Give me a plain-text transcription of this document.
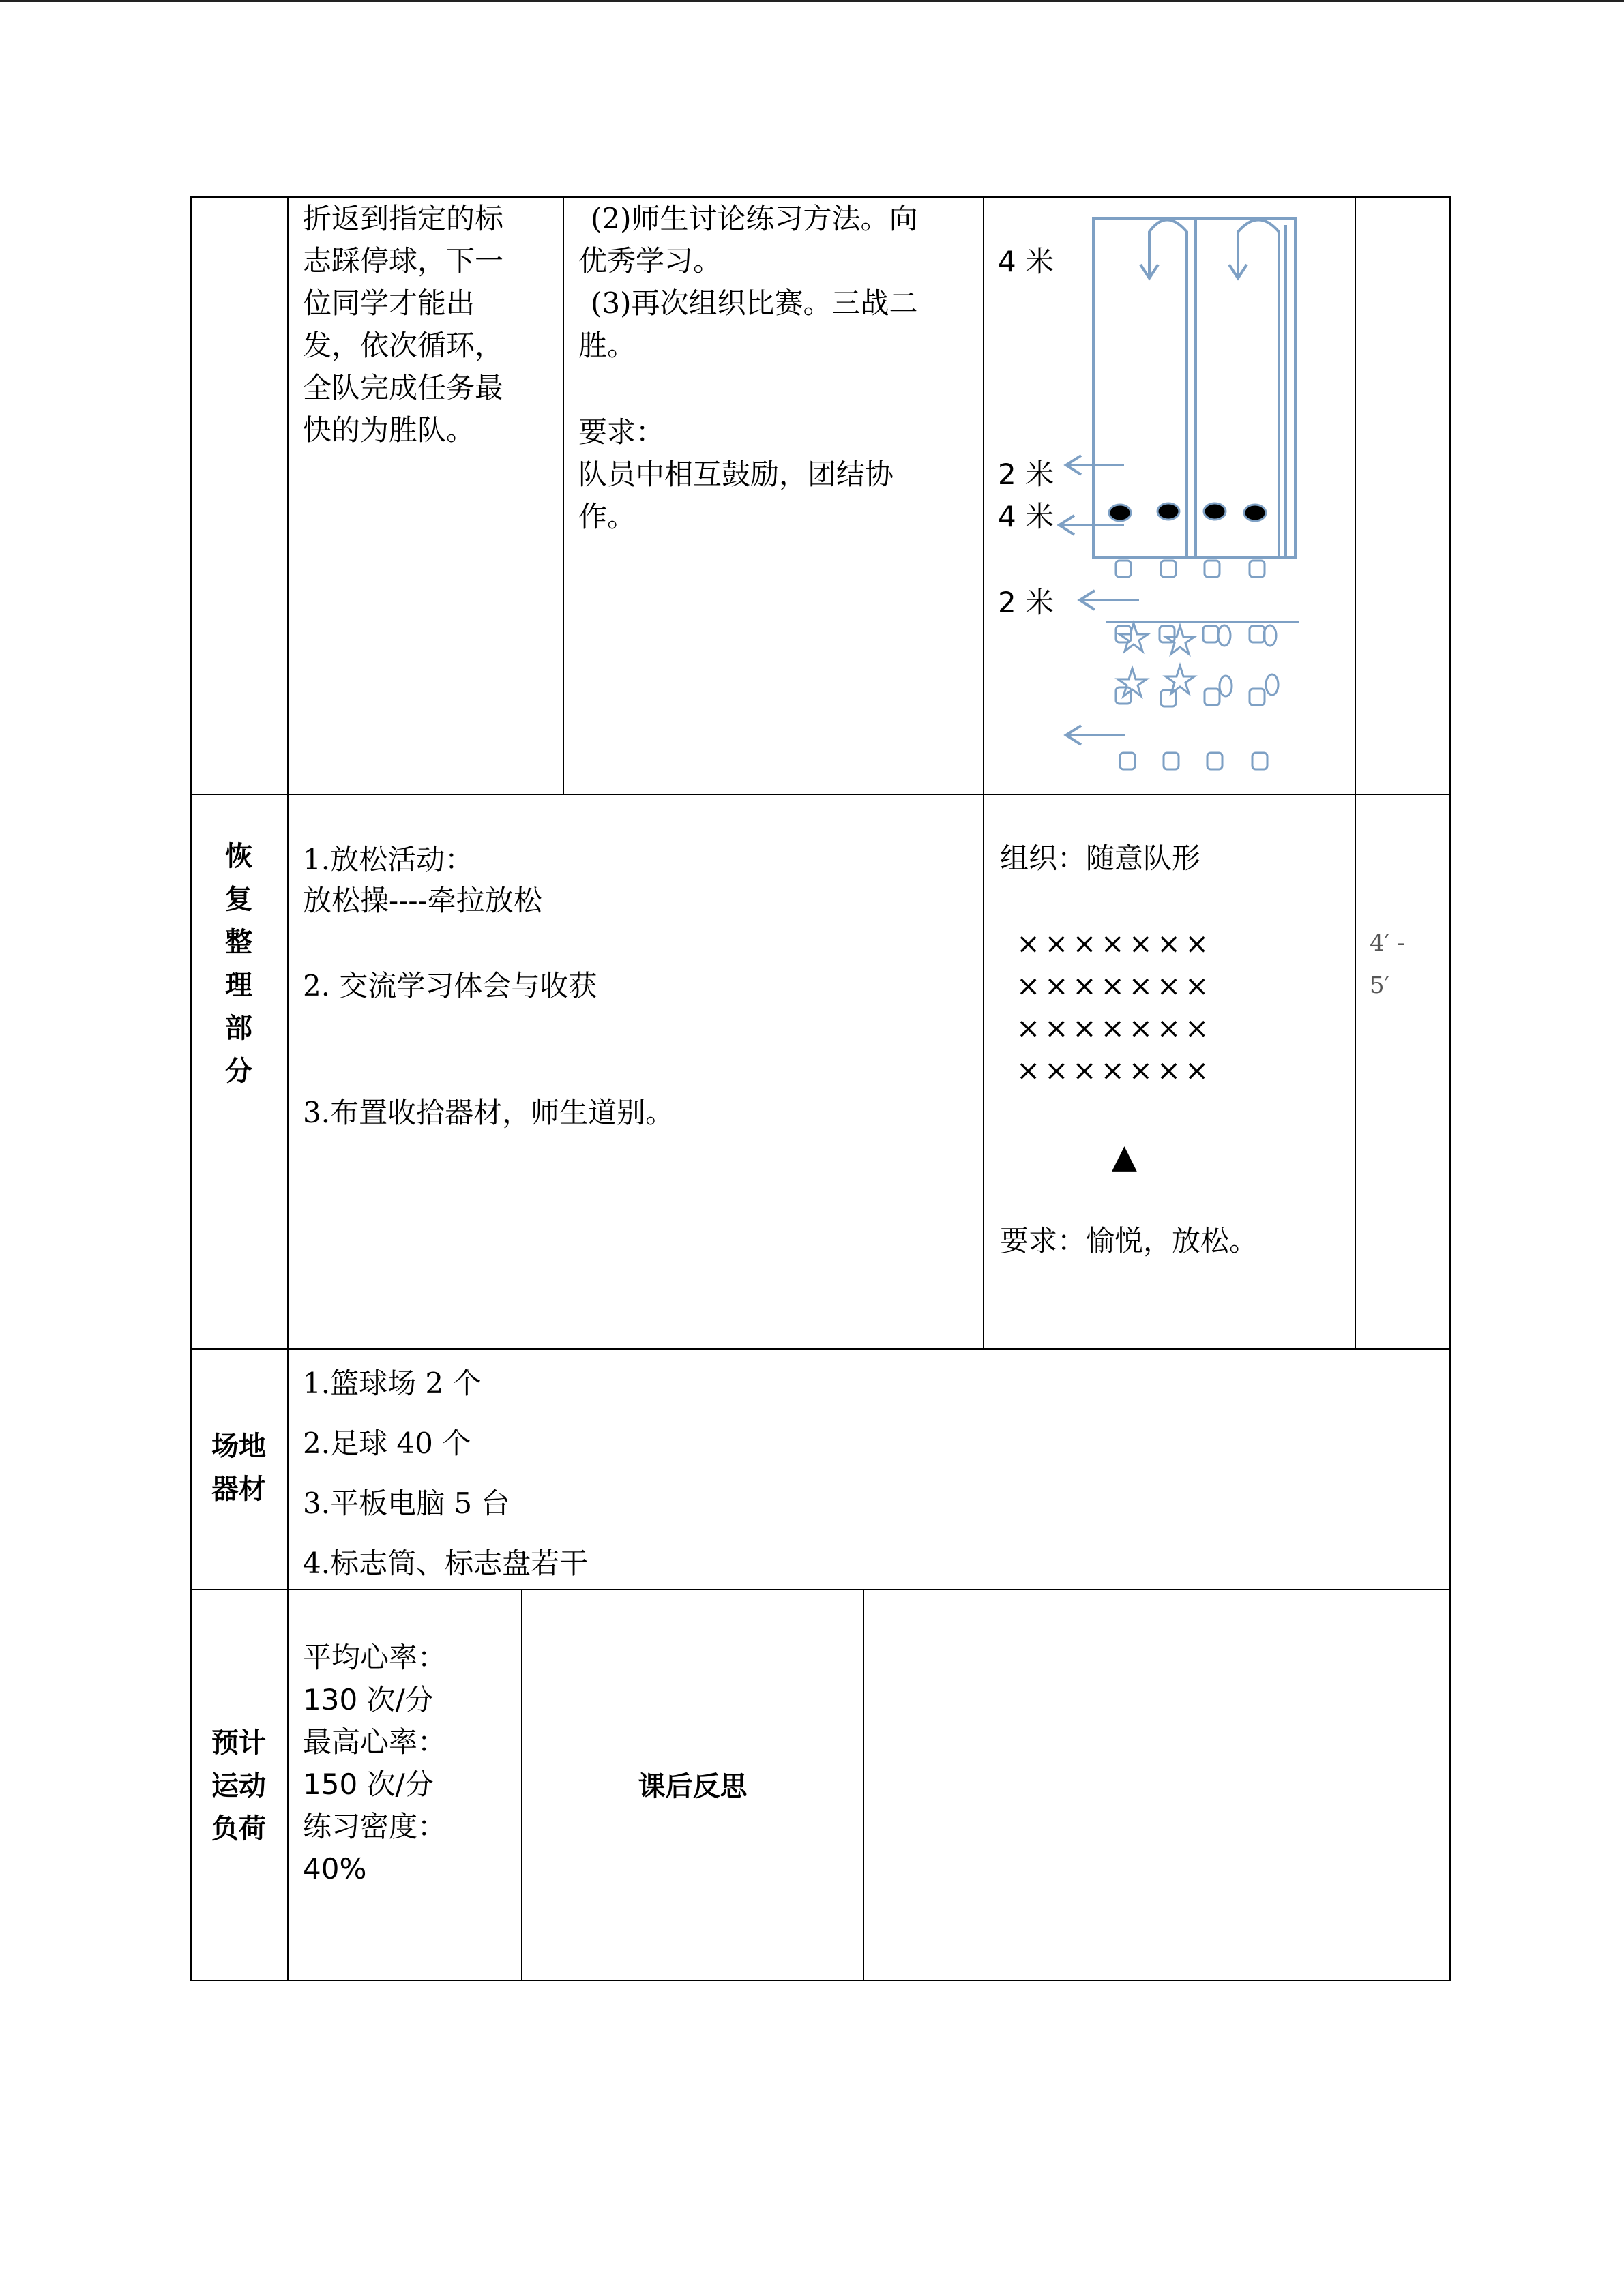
折返到指定的标
志踩停球，下一
位同学才能出
发，依次循环，
全队完成任务最
快的为胜队。
(2)师生讨论练习方法。向
优秀学习。
(3)再次组织比赛。三战二
胜。
要求：
队员中相互鼓励，团结协
作。
4 米
2 米
4 米
2 米
恢
复
整
理
部
分
1.放松活动：
放松操----牵拉放松
2. 交流学习体会与收获
3.布置收拾器材，师生道别。
组织：随意队形
×××××××
×××××××
×××××××
×××××××
▲
要求：愉悦，放松。
4′ -
5′
场地
器材
1.篮球场 2 个
2.足球 40 个
3.平板电脑 5 台
4.标志筒、标志盘若干
预计
运动
负荷
平均心率：
130 次/分
最高心率：
150 次/分
练习密度：
40%
课后反思
